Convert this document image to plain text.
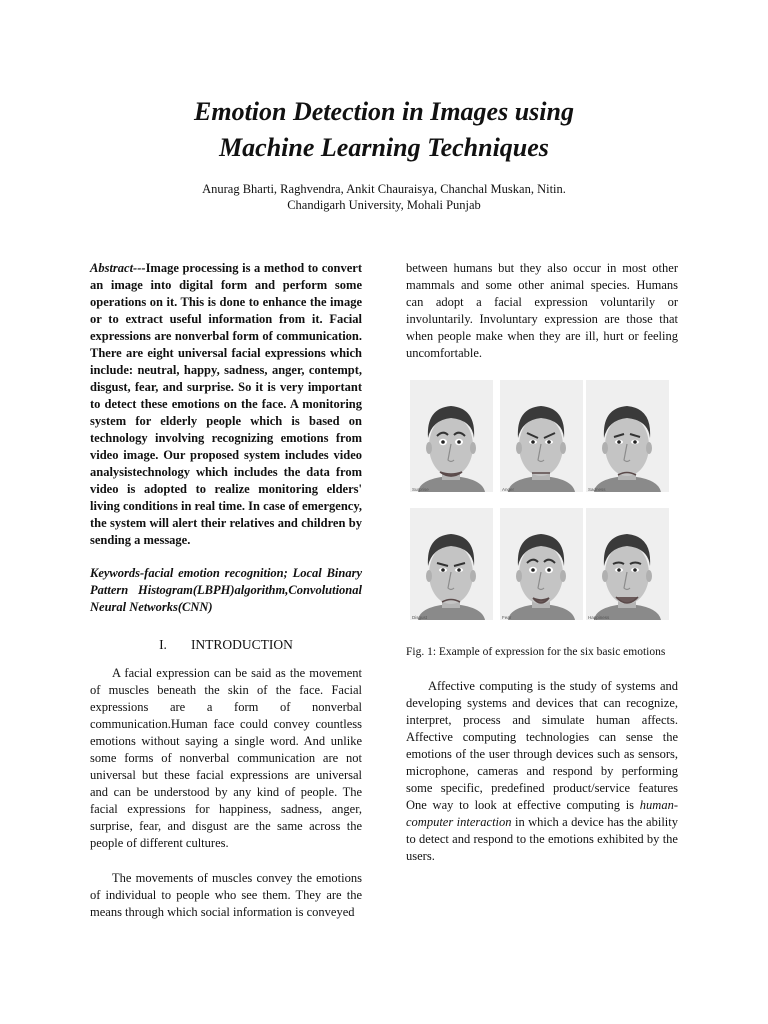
Emotion Detection in Images using
Machine Learning Techniques
Anurag Bharti, Raghvendra, Ankit Chauraisya, Chanchal Muskan, Nitin.
Chandigarh University, Mohali Punjab

Abstract---Image processing is a method to convert an image into digital form and perform some operations on it. This is done to enhance the image or to extract useful information from it. Facial expressions are nonverbal form of communication. There are eight universal facial expressions which include: neutral, happy, sadness, anger, contempt, disgust, fear, and surprise. So it is very important to detect these emotions on the face. A monitoring system for elderly people which is based on technology involving recognizing emotions from video image. Our proposed system includes video analysistechnology which includes the data from video is adopted to realize monitoring elders' living conditions in real time. In case of emergency, the system will alert their relatives and children by sending a message.

Keywords-facial emotion recognition; Local Binary Pattern Histogram(LBPH)algorithm,Convolutional Neural Networks(CNN)

I. INTRODUCTION

A facial expression can be said as the movement of muscles beneath the skin of the face. Facial expressions are a form of nonverbal communication.Human face could convey countless emotions without saying a single word. And unlike some forms of nonverbal communication are not universal but these facial expressions are universal and can be understood by any kind of people. The facial expressions for happiness, sadness, anger, surprise, fear, and disgust are the same across the people of different cultures.

The movements of muscles convey the emotions of individual to people who see them. They are the means through which social information is conveyed

between humans but they also occur in most other mammals and some other animal species. Humans can adopt a facial expression voluntarily or involuntarily. Involuntary expression are those that when people make when they are ill, hurt or feeling uncomfortable.

Surprise	Anger	Sadness
Disgust	Fear	Happiness
Fig. 1: Example of expression for the six basic emotions

Affective computing is the study of systems and developing systems and devices that can recognize, interpret, process and simulate human affects. Affective computing technologies can sense the emotions of the user through devices such as sensors, microphone, cameras and respond by performing some specific, predefined product/service features One way to look at effective computing is human-computer interaction in which a device has the ability to detect and respond to the emotions exhibited by the users.
